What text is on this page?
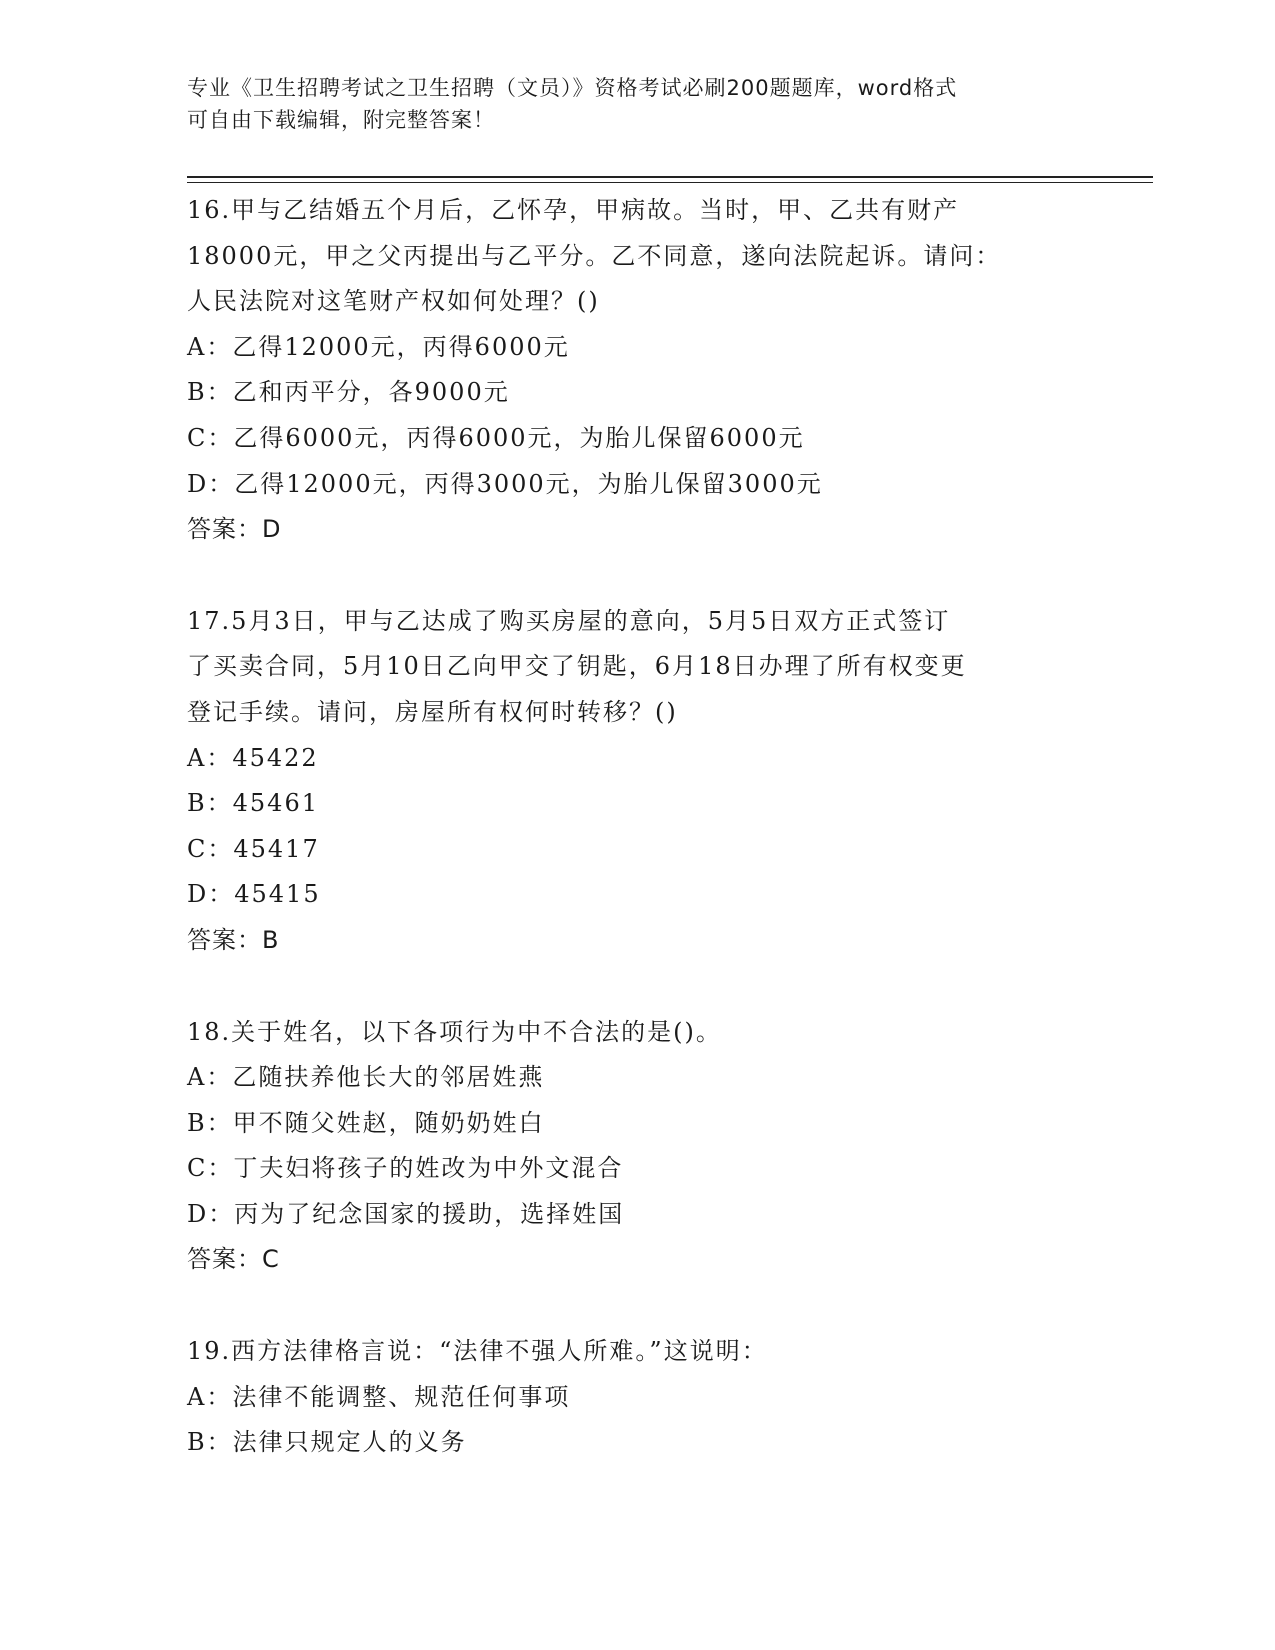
专业《卫生招聘考试之卫生招聘（文员）》资格考试必刷200题题库，word格式

可自由下载编辑，附完整答案！

16.甲与乙结婚五个月后，乙怀孕，甲病故。当时，甲、乙共有财产

18000元，甲之父丙提出与乙平分。乙不同意，遂向法院起诉。请问：

人民法院对这笔财产权如何处理？()

A：乙得12000元，丙得6000元

B：乙和丙平分，各9000元

C：乙得6000元，丙得6000元，为胎儿保留6000元

D：乙得12000元，丙得3000元，为胎儿保留3000元

答案：D

17.5月3日，甲与乙达成了购买房屋的意向，5月5日双方正式签订

了买卖合同，5月10日乙向甲交了钥匙，6月18日办理了所有权变更

登记手续。请问，房屋所有权何时转移？()

A：45422

B：45461

C：45417

D：45415

答案：B

18.关于姓名，以下各项行为中不合法的是()。

A：乙随扶养他长大的邻居姓燕

B：甲不随父姓赵，随奶奶姓白

C：丁夫妇将孩子的姓改为中外文混合

D：丙为了纪念国家的援助，选择姓国

答案：C

19.西方法律格言说：“法律不强人所难。”这说明：

A：法律不能调整、规范任何事项

B：法律只规定人的义务
